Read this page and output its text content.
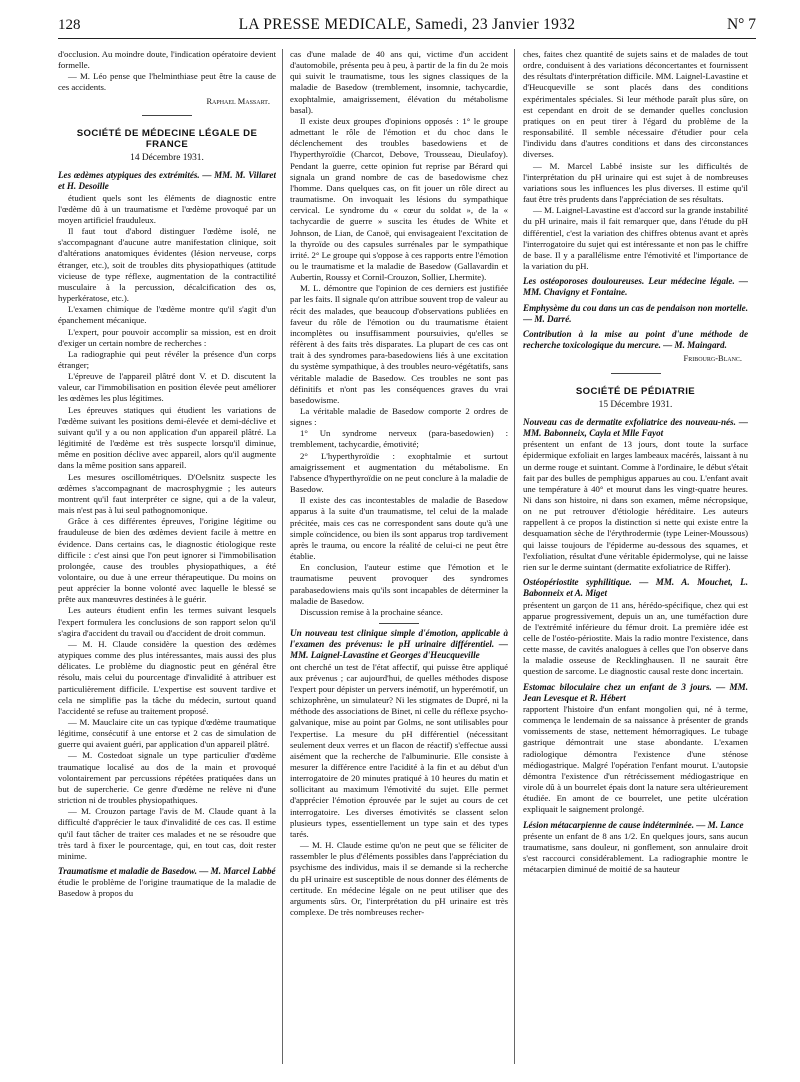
128	LA PRESSE MEDICALE, Samedi, 23 Janvier 1932	N° 7

d'occlusion. Au moindre doute, l'indication opératoire devient formelle.

— M. Léo pense que l'helminthiase peut être la cause de ces accidents.

Raphael Massart.

SOCIÉTÉ DE MÉDECINE LÉGALE DE FRANCE
14 Décembre 1931.
Les œdèmes atypiques des extrémités. — MM. M. Villaret et H. Desoille

étudient quels sont les éléments de diagnostic entre l'œdème dû à un traumatisme et l'œdème provoqué par un moyen artificiel frauduleux.

Il faut tout d'abord distinguer l'œdème isolé, ne s'accompagnant d'aucune autre manifestation clinique, soit d'altérations anatomiques évidentes (lésion nerveuse, corps étranger, etc.), soit de troubles dits physiopathiques (attitude vicieuse de type réflexe, augmentation de la contractilité musculaire à la percussion, décalcification des os, hyperkératose, etc.).

L'examen chimique de l'œdème montre qu'il s'agit d'un épanchement mécanique.

L'expert, pour pouvoir accomplir sa mission, est en droit d'exiger un certain nombre de recherches :

La radiographie qui peut révéler la présence d'un corps étranger;

L'épreuve de l'appareil plâtré dont V. et D. discutent la valeur, car l'immobilisation en position élevée peut améliorer les œdèmes les plus légitimes.

Les épreuves statiques qui étudient les variations de l'œdème suivant les positions demi-élevée et demi-déclive et suivant qu'il y a ou non application d'un appareil plâtré. La légitimité de l'œdème est très suspecte lorsqu'il diminue, même en position déclive avec appareil, alors qu'il augmente dans la même position sans appareil.

Les mesures oscillométriques. D'Oelsnitz suspecte les œdèmes s'accompagnant de macrosphygmie ; les auteurs montrent qu'il faut interpréter ce signe, qui a de la valeur, mais n'est pas à lui seul pathognomonique.

Grâce à ces différentes épreuves, l'origine légitime ou frauduleuse de bien des œdèmes devient facile à mettre en évidence. Dans certains cas, le diagnostic étiologique reste difficile : c'est ainsi que l'on peut ignorer si l'immobilisation prolongée, cause des troubles physiopathiques, a été volontaire, ou due à une erreur thérapeutique. Du moins on peut apprécier la bonne volonté avec laquelle le blessé se prête aux manœuvres destinées à le guérir.

Les auteurs étudient enfin les termes suivant lesquels l'expert formulera les conclusions de son rapport selon qu'il s'agira d'accident du travail ou d'accident de droit commun.

— M. H. Claude considère la question des œdèmes atypiques comme des plus intéressantes, mais aussi des plus délicates. Le problème du diagnostic peut en général être résolu, mais celui du pourcentage d'invalidité à attribuer est particulièrement difficile. L'expertise est souvent tardive et cela ne simplifie pas la tâche du médecin, surtout quand l'accidenté se refuse au traitement proposé.

— M. Mauclaire cite un cas typique d'œdème traumatique légitime, consécutif à une entorse et 2 cas de simulation de guerre qui avaient guéri, par application d'un appareil plâtré.

— M. Costedoat signale un type particulier d'œdème traumatique localisé au dos de la main et provoqué volontairement par percussions répétées pratiquées dans un but de supercherie. Ce genre d'œdème ne relève ni d'une striction ni de troubles physiopathiques.

— M. Crouzon partage l'avis de M. Claude quant à la difficulté d'apprécier le taux d'invalidité de ces cas. Il estime qu'il faut tâcher de traiter ces malades et ne se résoudre que très tard à fixer le pourcentage, qui, en tout cas, doit rester minime.

Traumatisme et maladie de Basedow. — M. Marcel Labbé

étudie le problème de l'origine traumatique de la maladie de Basedow à propos du

cas d'une malade de 40 ans qui, victime d'un accident d'automobile, présenta peu à peu, à partir de la fin du 2e mois qui suivit le traumatisme, tous les signes classiques de la maladie de Basedow (tremblement, insomnie, tachycardie, exophtalmie, amaigrissement, élévation du métabolisme basal).

Il existe deux groupes d'opinions opposés : 1° le groupe admettant le rôle de l'émotion et du choc dans le déclenchement des troubles basedowiens et de l'hyperthyroïdie (Charcot, Debove, Trousseau, Dieulafoy). Pendant la guerre, cette opinion fut reprise par Bérard qui signala un grand nombre de cas de basedowisme chez l'homme. Dans quelques cas, on fit jouer un rôle direct au traumatisme. On invoquait les lésions du sympathique cervical. Le syndrome du « cœur du soldat », de la « tachycardie de guerre » suscita les études de White et Johnson, de Lian, de Canoë, qui envisageaient l'excitation de la thyroïde ou des capsules surrénales par le sympathique irrité. 2° Le groupe qui s'oppose à ces rapports entre l'émotion ou le traumatisme et la maladie de Basedow (Gallavardin et Aubertin, Roussy et Cornil-Crouzon, Sollier, Lhermite).

M. L. démontre que l'opinion de ces derniers est justifiée par les faits. Il signale qu'on attribue souvent trop de valeur au récit des malades, que beaucoup d'observations publiées en faveur du rôle de l'émotion ou du traumatisme étaient incomplètes ou insuffisamment poursuivies, qu'elles se réfèrent à des faits très disparates. La plupart de ces cas ont trait à des syndromes para-basedowiens liés à une excitation du système sympathique, à des troubles neuro-végétatifs, sans véritable maladie de Basedow. Ces troubles ne sont pas définitifs et n'ont pas les conséquences graves du vrai basedowisme.

La véritable maladie de Basedow comporte 2 ordres de signes :

1° Un syndrome nerveux (para-basedowien) : tremblement, tachycardie, émotivité;

2° L'hyperthyroïdie : exophtalmie et surtout amaigrissement et augmentation du métabolisme. En l'absence d'hyperthyroïdie on ne peut conclure à la maladie de Basedow.

Il existe des cas incontestables de maladie de Basedow apparus à la suite d'un traumatisme, tel celui de la malade précitée, mais ces cas ne correspondent sans doute qu'à une simple coïncidence, ou bien ils sont apparus trop tardivement après le trauma, ou encore la réalité de celui-ci ne peut être établie.

En conclusion, l'auteur estime que l'émotion et le traumatisme peuvent provoquer des syndromes parabasedowiens mais qu'ils sont incapables de déterminer la maladie de Basedow.

Discussion remise à la prochaine séance.

Un nouveau test clinique simple d'émotion, applicable à l'examen des prévenus: le pH urinaire différentiel. — MM. Laignel-Lavastine et Georges d'Heucqueville

ont cherché un test de l'état affectif, qui puisse être appliqué aux prévenus ; car aujourd'hui, de quelles méthodes dispose l'expert pour dépister un pervers inémotif, un hyperémotif, un schizophrène, un simulateur? Ni les stigmates de Dupré, ni la méthode des associations de Binet, ni celle du réflexe psycho-galvanique, mise au point par Golms, ne sont utilisables pour l'expertise. La mesure du pH différentiel (nécessitant seulement deux verres et un flacon de réactif) s'effectue aussi aisément que la recherche de l'albuminurie. Elle consiste à mesurer la différence entre l'acidité à la fin et au début d'un interrogatoire de 20 minutes pratiqué à 10 heures du matin et sollicitant au maximum l'émotivité du sujet. Elle permet d'apprécier l'émotion éprouvée par le sujet au cours de cet interrogatoire. Les diverses émotivités se classent selon plusieurs types, essentiellement un type sain et des types tarés.

— M. H. Claude estime qu'on ne peut que se féliciter de rassembler le plus d'éléments possibles dans l'appréciation du psychisme des individus, mais il se demande si la recherche du pH urinaire est susceptible de nous donner des éléments de certitude. En médecine légale on ne peut utiliser que des arguments sûrs. Or, l'interprétation du pH urinaire est très complexe. De très nombreuses recher-

ches, faites chez quantité de sujets sains et de malades de tout ordre, conduisent à des variations déconcertantes et fournissent des résultats d'interprétation difficile. MM. Laignel-Lavastine et d'Heucqueville se sont placés dans des conditions expérimentales spéciales. Si leur méthode paraît plus sûre, on est cependant en droit de se demander quelles conclusion pratiques on en peut tirer à l'égard du problème de la responsabilité. Il semble nécessaire d'étudier pour cela l'individu dans d'autres conditions et dans des circonstances diverses.

— M. Marcel Labbé insiste sur les difficultés de l'interprétation du pH urinaire qui est sujet à de nombreuses variations sous les influences les plus diverses. Il estime qu'il faut être très prudents dans l'appréciation de ses résultats.

— M. Laignel-Lavastine est d'accord sur la grande instabilité du pH urinaire, mais il fait remarquer que, dans l'étude du pH différentiel, c'est la variation des chiffres obtenus avant et après l'interrogatoire du sujet qui est intéressante et non pas le chiffre de base. Il y a parallélisme entre l'émotivité et l'importance de la variation du pH.

Les ostéoporoses douloureuses. Leur médecine légale. — MM. Chavigny et Fontaine.
Emphysème du cou dans un cas de pendaison non mortelle. — M. Darré.
Contribution à la mise au point d'une méthode de recherche toxicologique du mercure. — M. Maingard.

Fribourg-Blanc.

SOCIÉTÉ DE PÉDIATRIE
15 Décembre 1931.
Nouveau cas de dermatite exfoliatrice des nouveau-nés. — MM. Babonneix, Cayla et Mlle Fayot

présentent un enfant de 13 jours, dont toute la surface épidermique exfoliait en larges lambeaux macérés, laissant à nu un derme rouge et suintant. Comme à l'ordinaire, le début s'était fait par des bulles de pemphigus apparues au cou. L'enfant avait une température à 40° et mourut dans les vingt-quatre heures. Ni dans son histoire, ni dans son examen, même nécropsique, on ne put retrouver d'étiologie héréditaire. Les auteurs rappellent à ce propos la distinction si nette qui existe entre la desquamation sèche de l'érythrodermie (type Leiner-Moussous) qui laisse toujours de l'épiderme au-dessous des squames, et l'exfoliation, résultat d'une véritable épidermolyse, qui ne laisse rien sur le derme suintant (dermatite exfoliatrice de Riffer).

Ostéopériostite syphilitique. — MM. A. Mouchet, L. Babonneix et A. Miget

présentent un garçon de 11 ans, hérédo-spécifique, chez qui est apparue progressivement, depuis un an, une tuméfaction dure de l'extrémité inférieure du fémur droit. La première idée est celle de l'ostéo-périostite. Mais la radio montre l'existence, dans cette masse, de cavités analogues à celles que l'on observe dans la maladie osseuse de Recklinghausen. Il ne saurait être question de sarcome. Le diagnostic causal reste donc incertain.

Estomac biloculaire chez un enfant de 3 jours. — MM. Jean Levesque et R. Hébert

rapportent l'histoire d'un enfant mongolien qui, né à terme, commença le lendemain de sa naissance à présenter de grands vomissements de stase, nettement hémorragiques. Le tubage gastrique démontrait une stase abondante. L'examen radiologique démontra l'existence d'une sténose médiogastrique. Malgré l'opération l'enfant mourut. L'autopsie démontra l'existence d'un rétrécissement médiogastrique en virole dû à un bourrelet épais dont la nature sera ultérieurement étudiée. En amont de ce bourrelet, une petite ulcération expliquait le saignement prolongé.

Lésion métacarpienne de cause indéterminée. — M. Lance

présente un enfant de 8 ans 1/2. En quelques jours, sans aucun traumatisme, sans douleur, ni gonflement, son annulaire droit s'est raccourci considérablement. La radiographie montre le métacarpien diminué de moitié de sa hauteur
